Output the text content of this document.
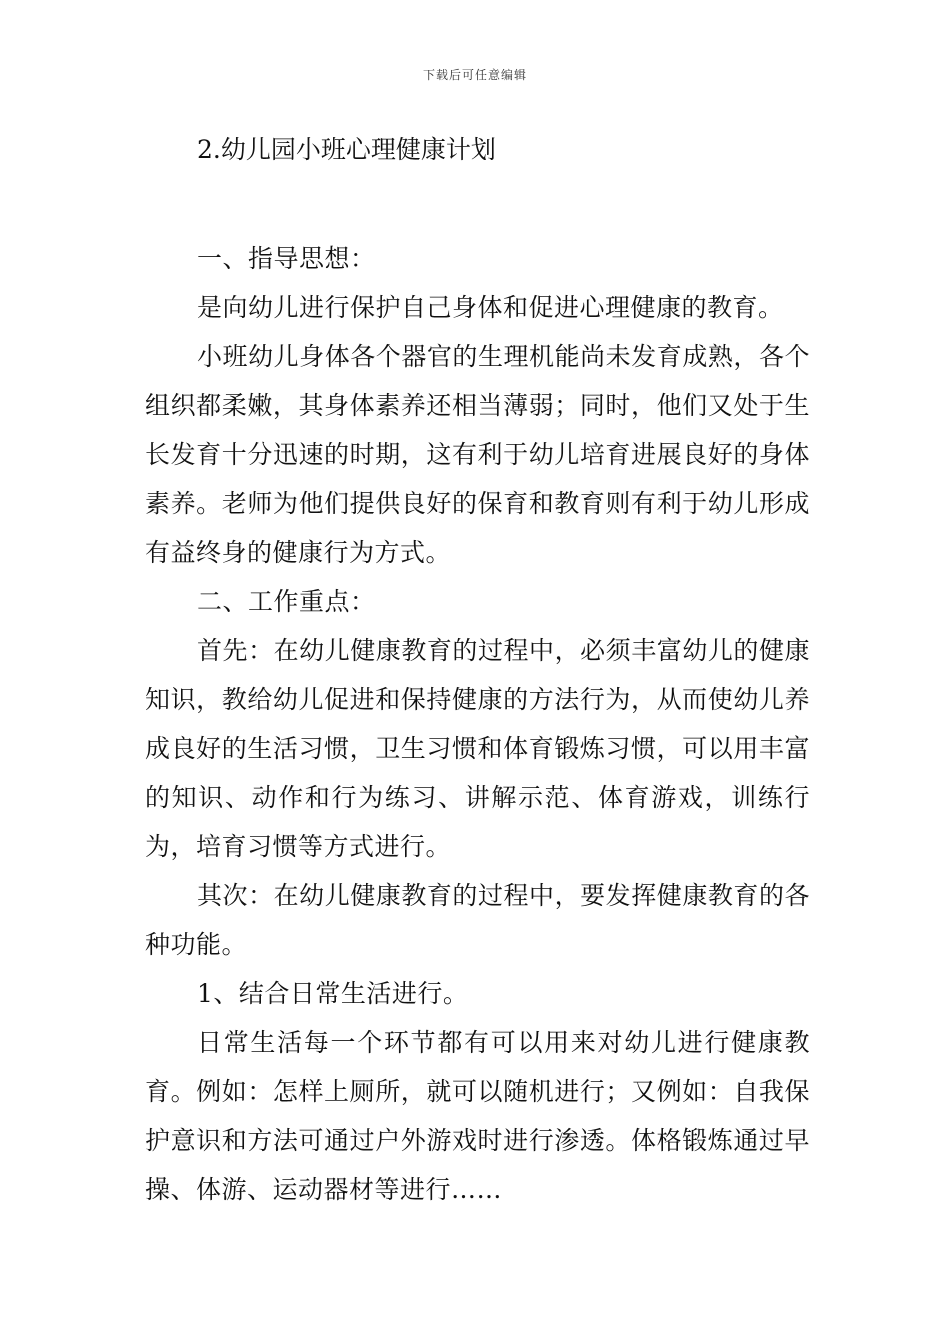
下载后可任意编辑
2.幼儿园小班心理健康计划

一、指导思想：

是向幼儿进行保护自己身体和促进心理健康的教育。

小班幼儿身体各个器官的生理机能尚未发育成熟，各个组织都柔嫩，其身体素养还相当薄弱；同时，他们又处于生长发育十分迅速的时期，这有利于幼儿培育进展良好的身体素养。老师为他们提供良好的保育和教育则有利于幼儿形成有益终身的健康行为方式。

二、工作重点：

首先：在幼儿健康教育的过程中，必须丰富幼儿的健康知识，教给幼儿促进和保持健康的方法行为，从而使幼儿养成良好的生活习惯，卫生习惯和体育锻炼习惯，可以用丰富的知识、动作和行为练习、讲解示范、体育游戏，训练行为，培育习惯等方式进行。

其次：在幼儿健康教育的过程中，要发挥健康教育的各种功能。

1、结合日常生活进行。

日常生活每一个环节都有可以用来对幼儿进行健康教育。例如：怎样上厕所，就可以随机进行；又例如：自我保护意识和方法可通过户外游戏时进行渗透。体格锻炼通过早操、体游、运动器材等进行……
